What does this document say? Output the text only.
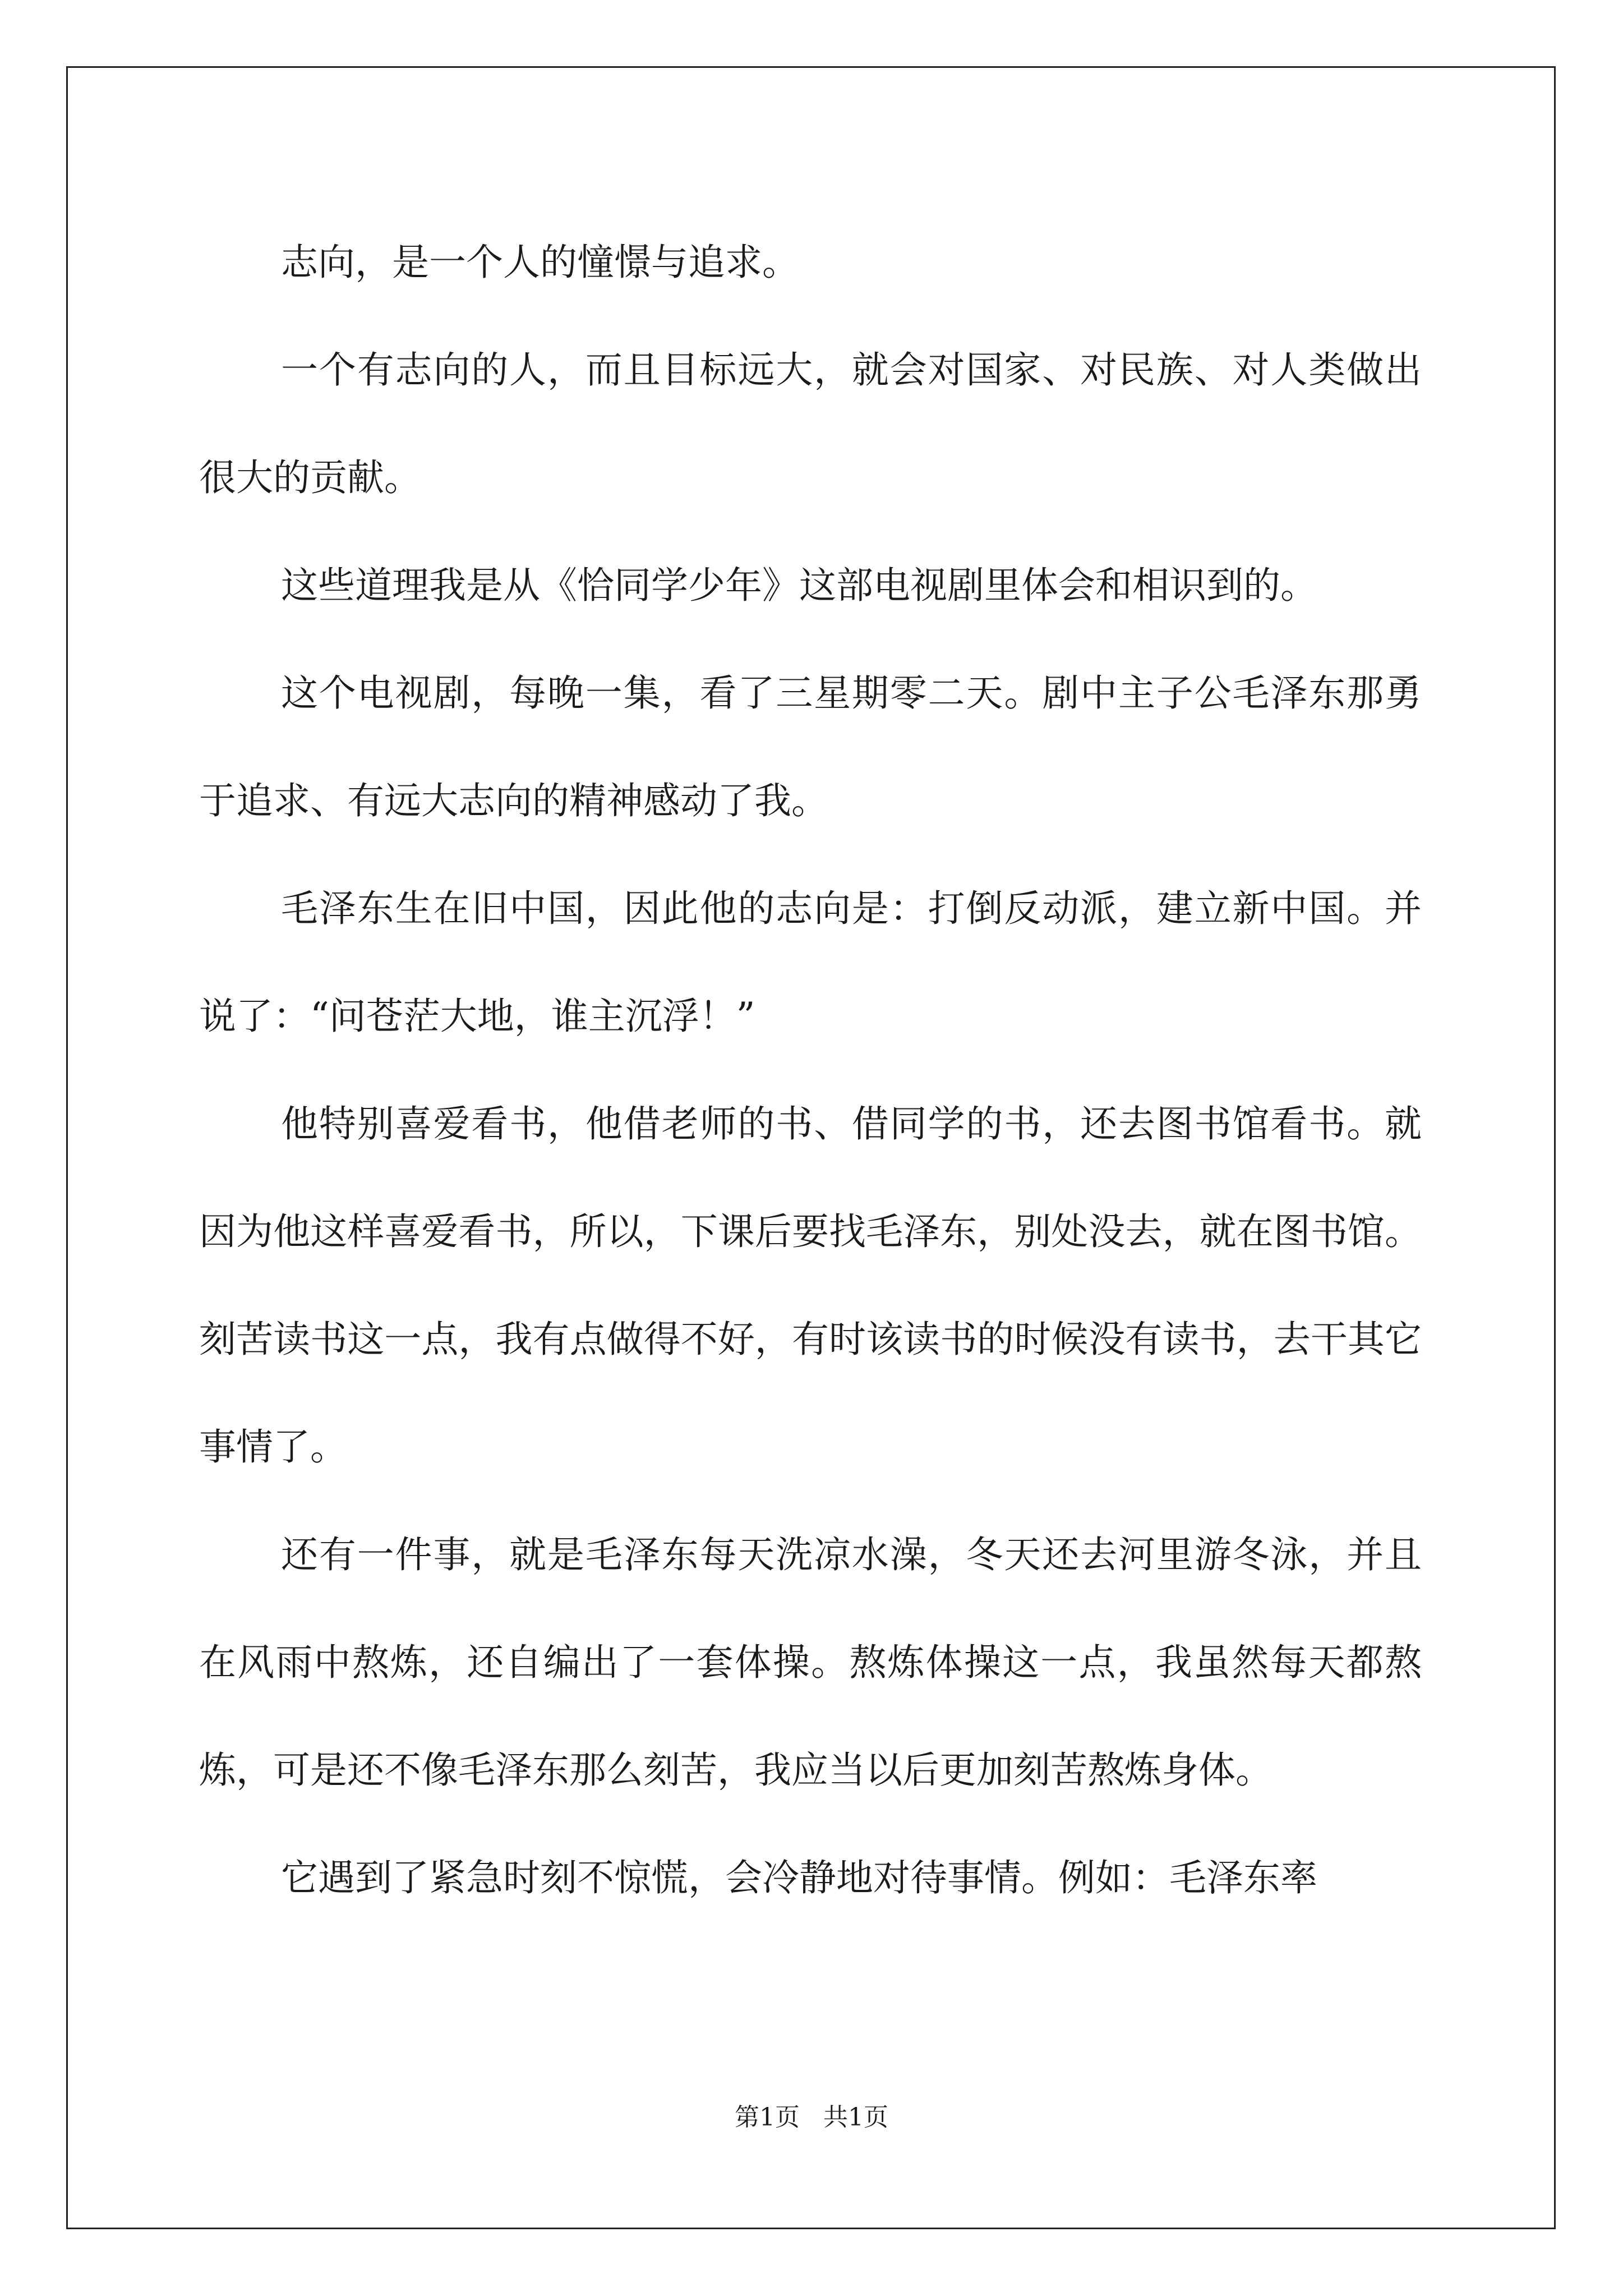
志向，是一个人的憧憬与追求。

一个有志向的人，而且目标远大，就会对国家、对民族、对人类做出很大的贡献。

这些道理我是从《恰同学少年》这部电视剧里体会和相识到的。

这个电视剧，每晚一集，看了三星期零二天。剧中主子公毛泽东那勇于追求、有远大志向的精神感动了我。

毛泽东生在旧中国，因此他的志向是：打倒反动派，建立新中国。并说了：“问苍茫大地，谁主沉浮！”

他特别喜爱看书，他借老师的书、借同学的书，还去图书馆看书。就因为他这样喜爱看书，所以，下课后要找毛泽东，别处没去，就在图书馆。刻苦读书这一点，我有点做得不好，有时该读书的时候没有读书，去干其它事情了。

还有一件事，就是毛泽东每天洗凉水澡，冬天还去河里游冬泳，并且在风雨中熬炼，还自编出了一套体操。熬炼体操这一点，我虽然每天都熬炼，可是还不像毛泽东那么刻苦，我应当以后更加刻苦熬炼身体。

它遇到了紧急时刻不惊慌，会冷静地对待事情。例如：毛泽东率

第1页 共1页
